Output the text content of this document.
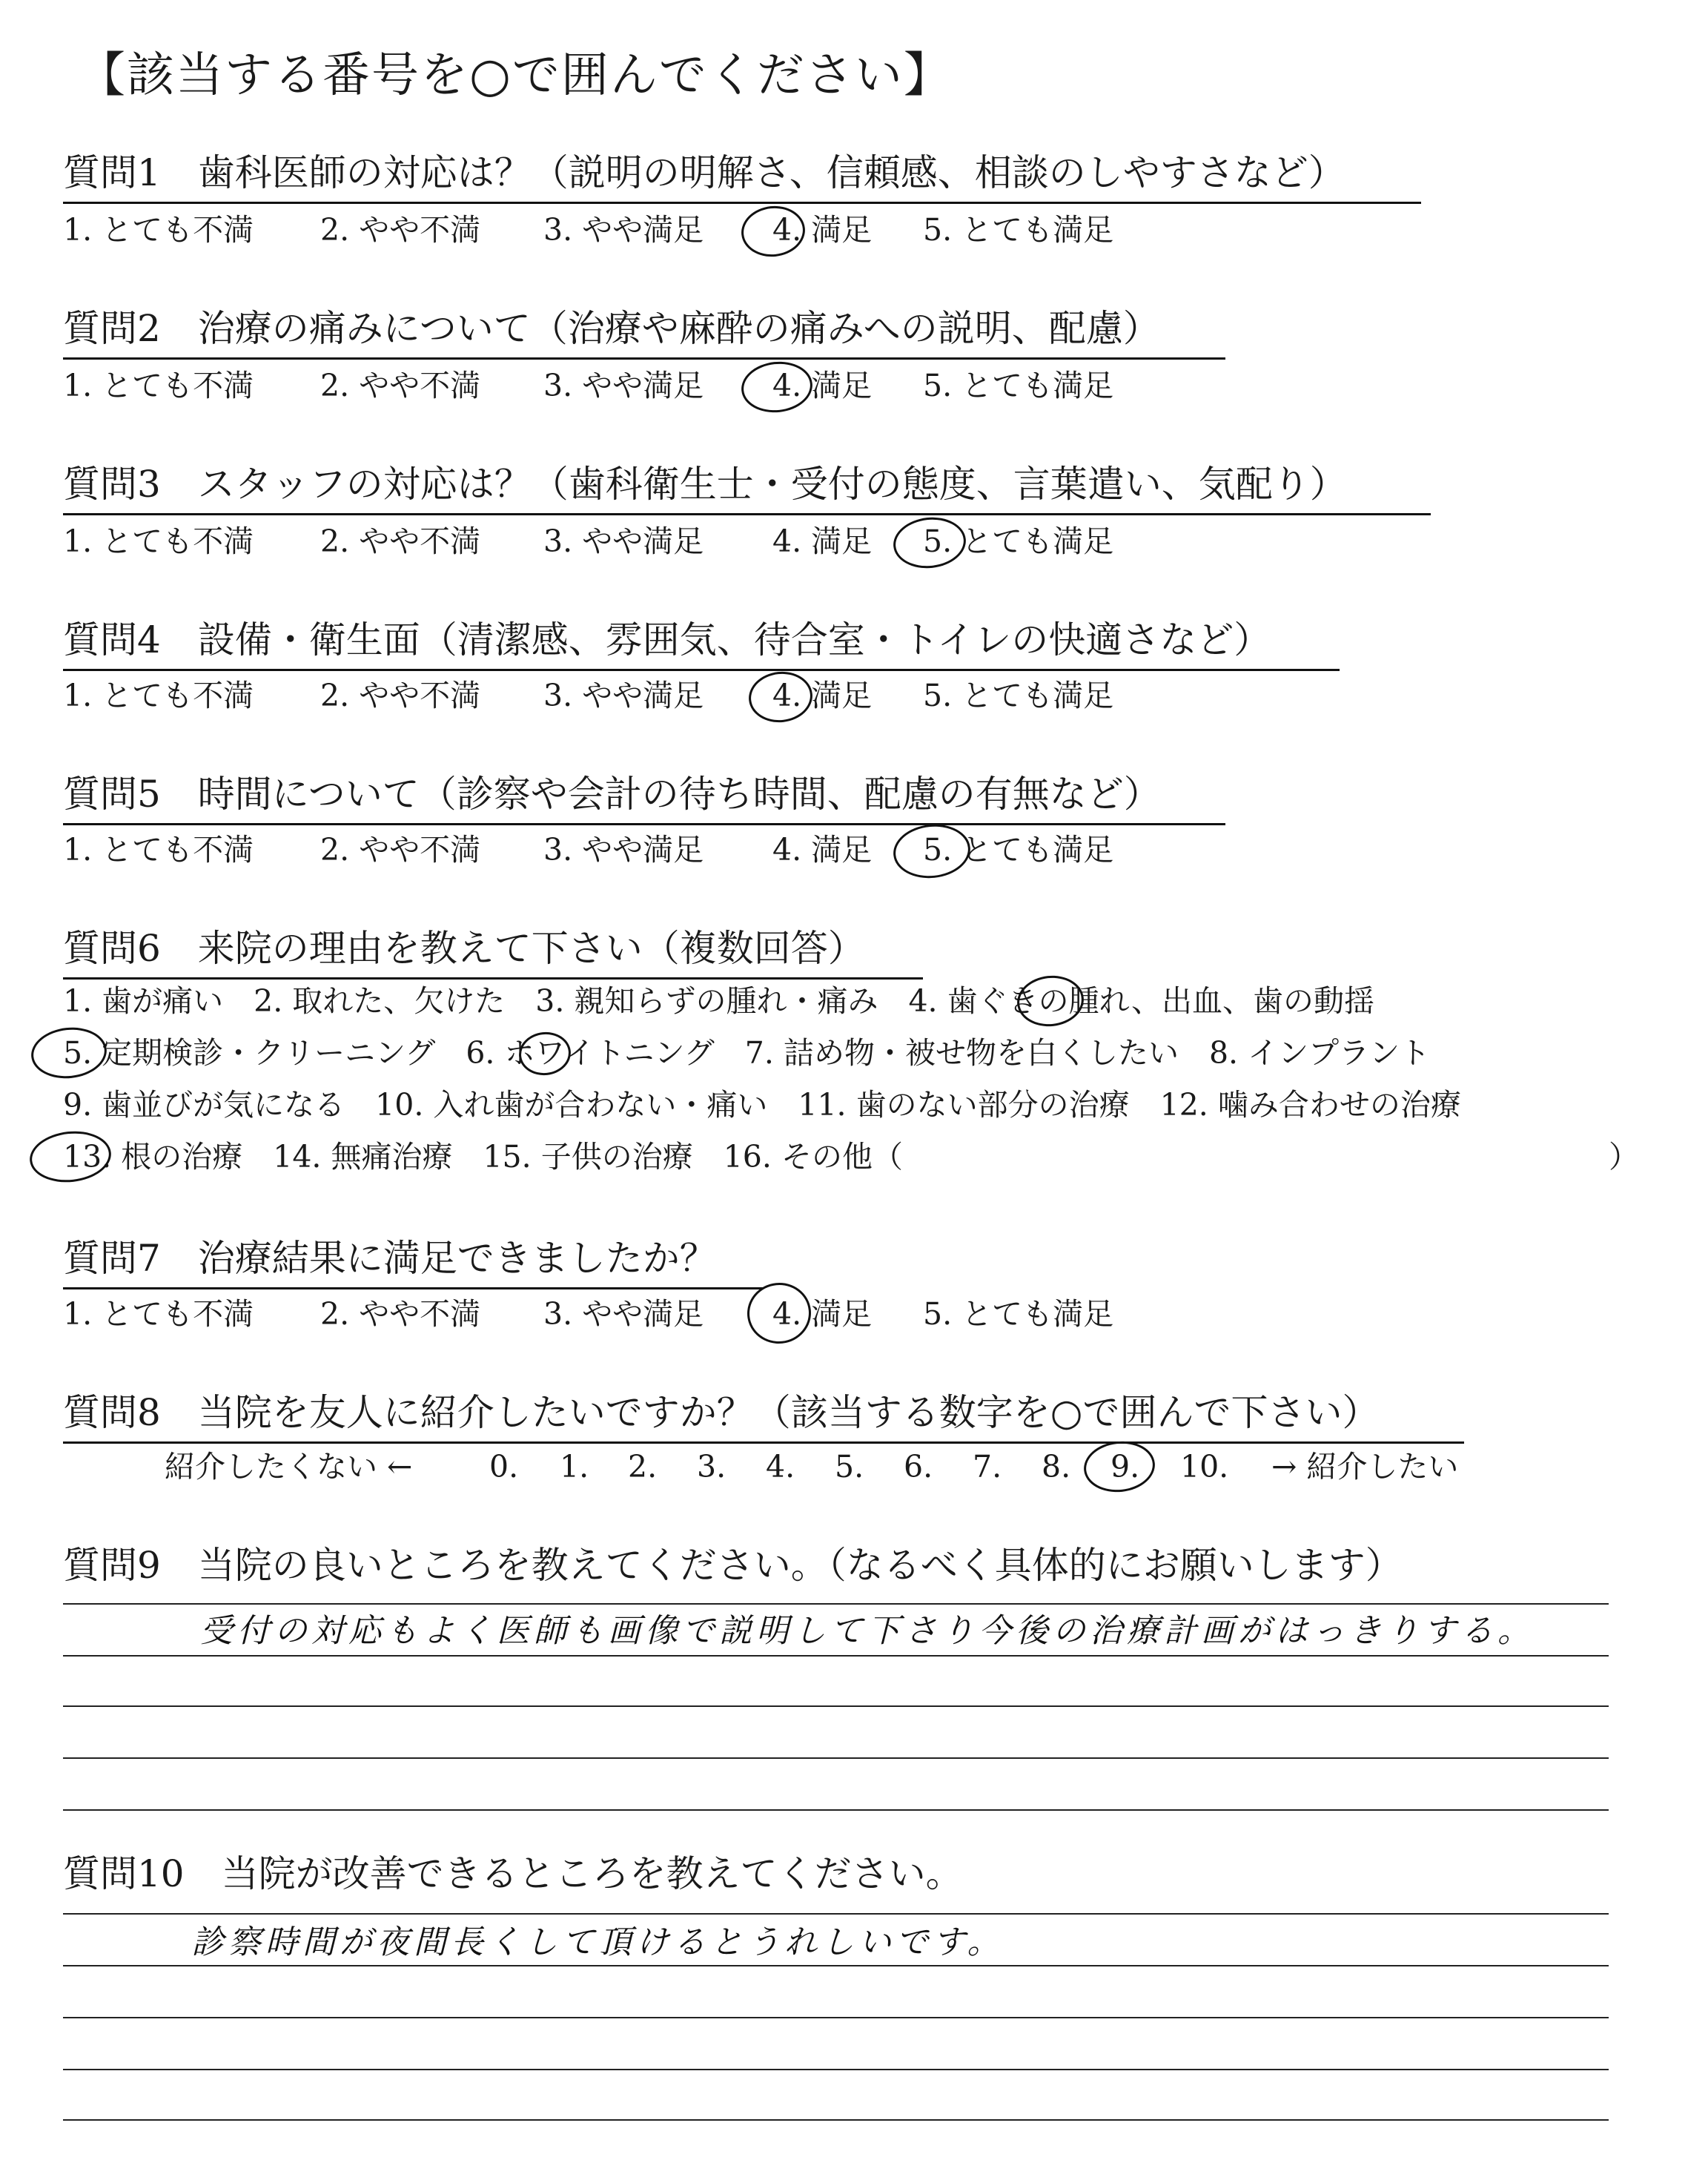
【該当する番号を○で囲んでください】
質問1　歯科医師の対応は？（説明の明解さ、信頼感、相談のしやすさなど）
1. とても不満 2. やや不満 3. やや満足 4. 満足 5. とても満足
質問2　治療の痛みについて（治療や麻酔の痛みへの説明、配慮）
1. とても不満 2. やや不満 3. やや満足 4. 満足 5. とても満足
質問3　スタッフの対応は？（歯科衛生士・受付の態度、言葉遣い、気配り）
1. とても不満 2. やや不満 3. やや満足 4. 満足 5. とても満足
質問4　設備・衛生面（清潔感、雰囲気、待合室・トイレの快適さなど）
1. とても不満 2. やや不満 3. やや満足 4. 満足 5. とても満足
質問5　時間について（診察や会計の待ち時間、配慮の有無など）
1. とても不満 2. やや不満 3. やや満足 4. 満足 5. とても満足
質問6　来院の理由を教えて下さい（複数回答）
1. 歯が痛い　2. 取れた、欠けた　3. 親知らずの腫れ・痛み　4. 歯ぐきの腫れ、出血、歯の動揺
5. 定期検診・クリーニング　6. ホワイトニング　7. 詰め物・被せ物を白くしたい　8. インプラント
9. 歯並びが気になる　10. 入れ歯が合わない・痛い　11. 歯のない部分の治療　12. 噛み合わせの治療
13. 根の治療　14. 無痛治療　15. 子供の治療　16. その他（	）
質問7　治療結果に満足できましたか？
1. とても不満 2. やや不満 3. やや満足 4. 満足 5. とても満足
質問8　当院を友人に紹介したいですか？（該当する数字を○で囲んで下さい）
紹介したくない ←	0. 1. 2. 3. 4. 5. 6. 7. 8. 9. 10. → 紹介したい
質問9　当院の良いところを教えてください。（なるべく具体的にお願いします）
受付の対応もよく医師も画像で説明して下さり今後の治療計画がはっきりする。
質問10　当院が改善できるところを教えてください。
診察時間が夜間長くして頂けるとうれしいです。
